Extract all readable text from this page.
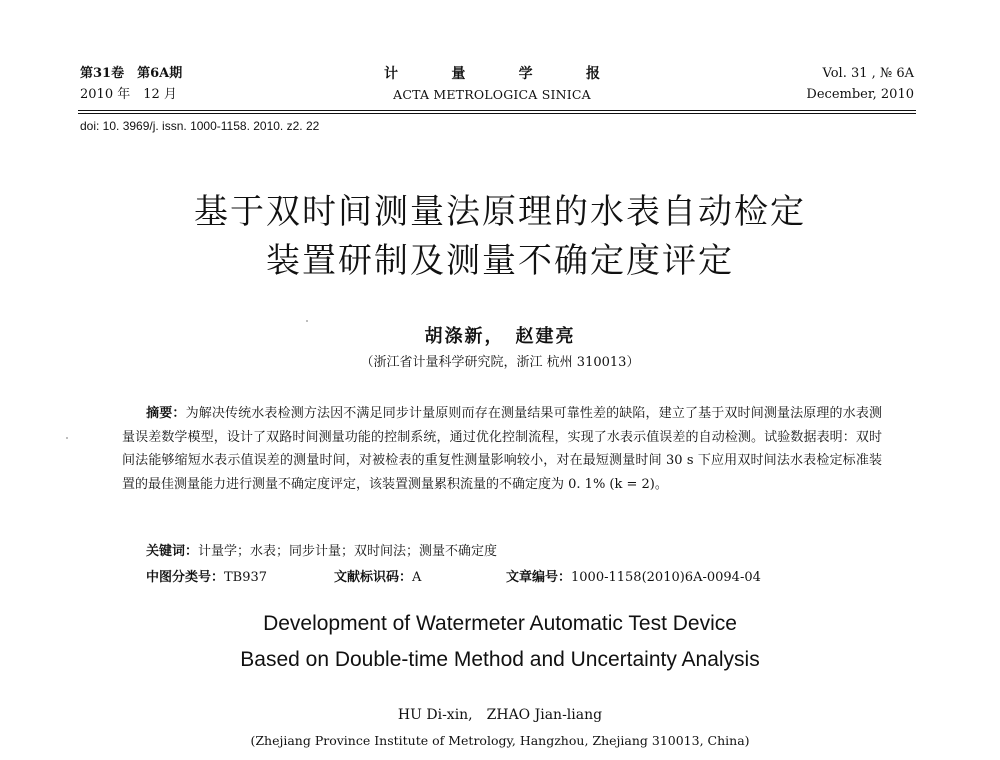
第31卷　第6A期
2010 年　12 月
计	量	学	报
ACTA METROLOGICA SINICA
Vol. 31 , № 6A
December, 2010
doi: 10. 3969/j. issn. 1000-1158. 2010. z2. 22
基于双时间测量法原理的水表自动检定
装置研制及测量不确定度评定
胡涤新，　赵建亮
（浙江省计量科学研究院，浙江 杭州 310013）
摘要：为解决传统水表检测方法因不满足同步计量原则而存在测量结果可靠性差的缺陷，建立了基于双时间测量法原理的水表测量误差数学模型，设计了双路时间测量功能的控制系统，通过优化控制流程，实现了水表示值误差的自动检测。试验数据表明：双时间法能够缩短水表示值误差的测量时间，对被检表的重复性测量影响较小，对在最短测量时间 30 s 下应用双时间法水表检定标准装置的最佳测量能力进行测量不确定度评定，该装置测量累积流量的不确定度为 0. 1% (k = 2)。
关键词：计量学；水表；同步计量；双时间法；测量不确定度
中图分类号：TB937	文献标识码：A	文章编号：1000-1158(2010)6A-0094-04
Development of Watermeter Automatic Test Device
Based on Double-time Method and Uncertainty Analysis
HU Di-xin,　ZHAO Jian-liang
(Zhejiang Province Institute of Metrology, Hangzhou, Zhejiang 310013, China)
